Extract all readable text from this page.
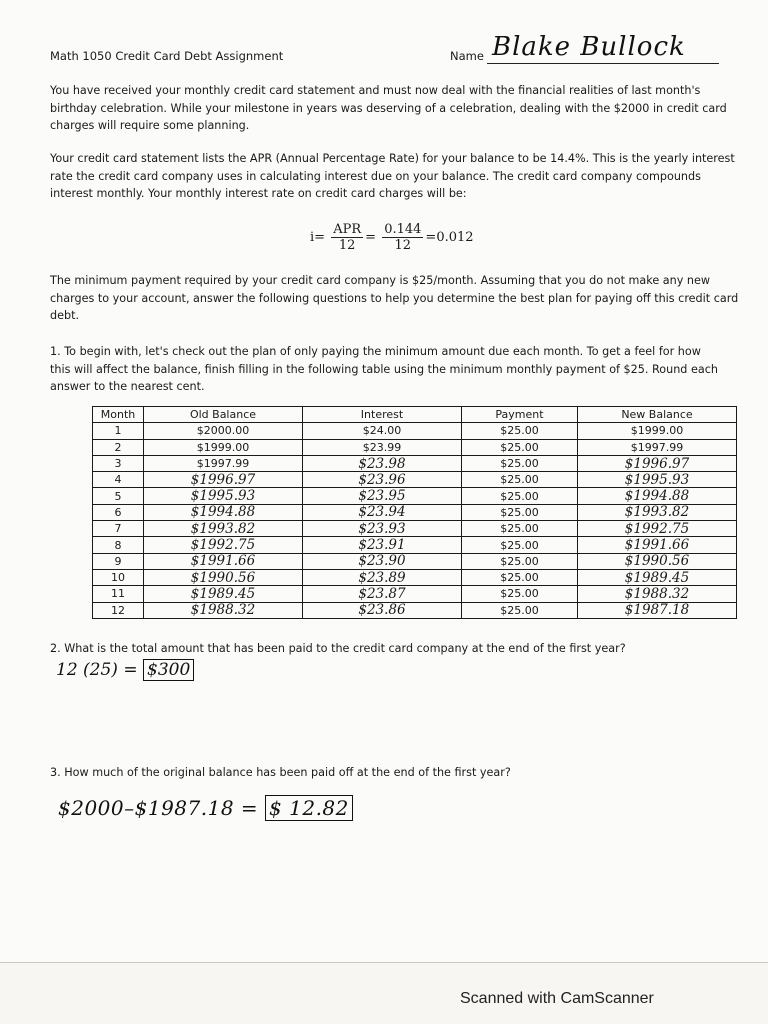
Math 1050 Credit Card Debt Assignment	Name Blake Bullock
You have received your monthly credit card statement and must now deal with the financial realities of last month's birthday celebration. While your milestone in years was deserving of a celebration, dealing with the $2000 in credit card charges will require some planning.
Your credit card statement lists the APR (Annual Percentage Rate) for your balance to be 14.4%. This is the yearly interest rate the credit card company uses in calculating interest due on your balance. The credit card company compounds interest monthly. Your monthly interest rate on credit card charges will be:
$i= \frac{\text{APR}}{12} = \frac{0.144}{12} =0.012$
The minimum payment required by your credit card company is $25/month. Assuming that you do not make any new charges to your account, answer the following questions to help you determine the best plan for paying off this credit card debt.
1. To begin with, let's check out the plan of only paying the minimum amount due each month. To get a feel for how this will affect the balance, finish filling in the following table using the minimum monthly payment of $25. Round each answer to the nearest cent.
Month	Old Balance	Interest	Payment	New Balance
1	$2000.00	$24.00	$25.00	$1999.00
2	$1999.00	$23.99	$25.00	$1997.99
3	$1997.99	$23.98	$25.00	$1996.97
4	$1996.97	$23.96	$25.00	$1995.93
5	$1995.93	$23.95	$25.00	$1994.88
6	$1994.88	$23.94	$25.00	$1993.82
7	$1993.82	$23.93	$25.00	$1992.75
8	$1992.75	$23.91	$25.00	$1991.66
9	$1991.66	$23.90	$25.00	$1990.56
10	$1990.56	$23.89	$25.00	$1989.45
11	$1989.45	$23.87	$25.00	$1988.32
12	$1988.32	$23.86	$25.00	$1987.18
2. What is the total amount that has been paid to the credit card company at the end of the first year?
12 (25) = $300
3. How much of the original balance has been paid off at the end of the first year?
$2000–$1987.18 = $ 12.82
Scanned with CamScanner
